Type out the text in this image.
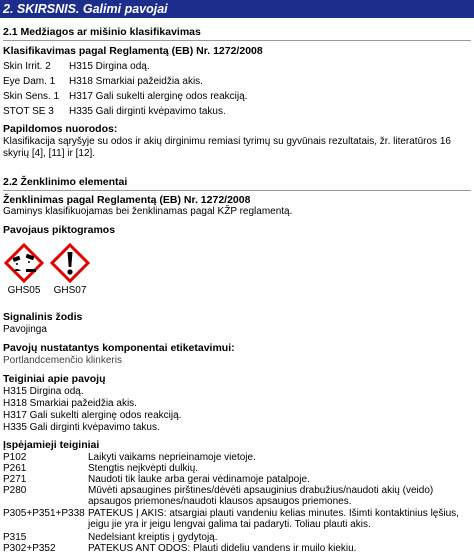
2. SKIRSNIS. Galimi pavojai
2.1 Medžiagos ar mišinio klasifikavimas
Klasifikavimas pagal Reglamentą (EB) Nr. 1272/2008
Skin Irrit. 2 H315 Dirgina odą.
Eye Dam. 1 H318 Smarkiai pažeidžia akis.
Skin Sens. 1 H317 Gali sukelti alerginę odos reakciją.
STOT SE 3 H335 Gali dirginti kvėpavimo takus.
Papildomos nuorodos:
Klasifikacija sąryšyje su odos ir akių dirginimu remiasi tyrimų su gyvūnais rezultatais, žr. literatūros 16 skyrių [4], [11] ir [12].
2.2 Ženklinimo elementai
Ženklinimas pagal Reglamentą (EB) Nr. 1272/2008
Gaminys klasifikuojamas bei ženklinamas pagal KŽP reglamentą.
Pavojaus piktogramos
GHS05	GHS07
Signalinis žodis
Pavojinga
Pavojų nustatantys komponentai etiketavimui:
Portlandcemenčio klinkeris
Teiginiai apie pavojų
H315 Dirgina odą.
H318 Smarkiai pažeidžia akis.
H317 Gali sukelti alerginę odos reakciją.
H335 Gali dirginti kvėpavimo takus.
Įspėjamieji teiginiai
P102	Laikyti vaikams neprieinamoje vietoje.
P261	Stengtis neįkvėpti dulkių.
P271	Naudoti tik lauke arba gerai vėdinamoje patalpoje.
P280	Mūvėti apsaugines pirštines/dėvėti apsauginius drabužius/naudoti akių (veido) apsaugos priemones/naudoti klausos apsaugos priemones.
P305+P351+P338 PATEKUS Į AKIS: atsargiai plauti vandeniu kelias minutes. Išimti kontaktinius lęšius, jeigu jie yra ir jeigu lengvai galima tai padaryti. Toliau plauti akis.
P315	Nedelsiant kreiptis į gydytoją.
P302+P352	PATEKUS ANT ODOS: Plauti dideliu vandens ir muilo kiekiu.
